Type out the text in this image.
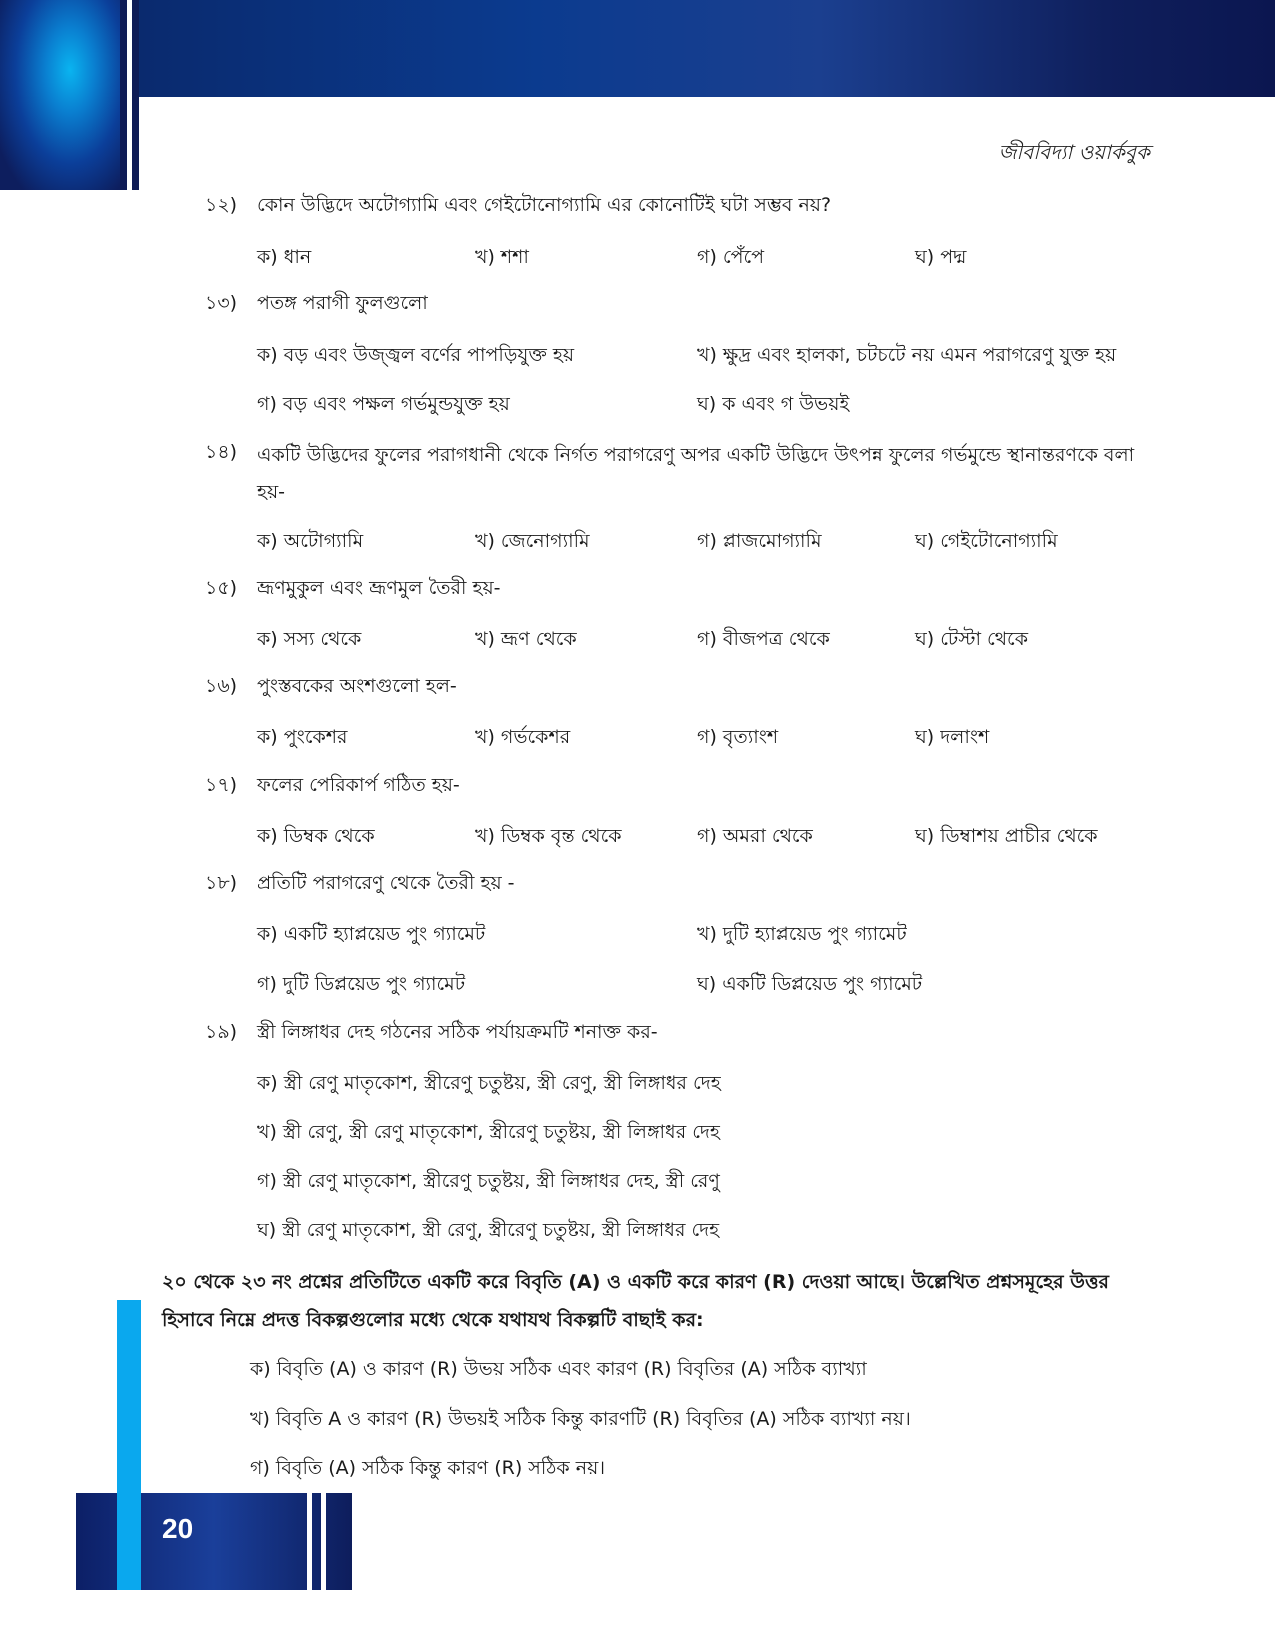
জীববিদ্যা ওয়ার্কবুক
১২) কোন উদ্ভিদে অটোগ্যামি এবং গেইটোনোগ্যামি এর কোনোটিই ঘটা সম্ভব নয়?
ক) ধান	খ) শশা	গ) পেঁপে	ঘ) পদ্ম
১৩) পতঙ্গ পরাগী ফুলগুলো
ক) বড় এবং উজ্জ্বল বর্ণের পাপড়িযুক্ত হয়	খ) ক্ষুদ্র এবং হালকা, চটচটে নয় এমন পরাগরেণু যুক্ত হয়
গ) বড় এবং পক্ষল গর্ভমুন্ডযুক্ত হয়	ঘ) ক এবং গ উভয়ই
১৪) একটি উদ্ভিদের ফুলের পরাগধানী থেকে নির্গত পরাগরেণু অপর একটি উদ্ভিদে উৎপন্ন ফুলের গর্ভমুন্ডে স্থানান্তরণকে বলা হয়-
ক) অটোগ্যামি	খ) জেনোগ্যামি	গ) প্লাজমোগ্যামি	ঘ) গেইটোনোগ্যামি
১৫) ভ্রূণমুকুল এবং ভ্রূণমুল তৈরী হয়-
ক) সস্য থেকে	খ) ভ্রূণ থেকে	গ) বীজপত্র থেকে	ঘ) টেস্টা থেকে
১৬) পুংস্তবকের অংশগুলো হল-
ক) পুংকেশর	খ) গর্ভকেশর	গ) বৃত্যাংশ	ঘ) দলাংশ
১৭) ফলের পেরিকার্প গঠিত হয়-
ক) ডিম্বক থেকে	খ) ডিম্বক বৃন্ত থেকে	গ) অমরা থেকে	ঘ) ডিম্বাশয় প্রাচীর থেকে
১৮) প্রতিটি পরাগরেণু থেকে তৈরী হয় -
ক) একটি হ্যাপ্লয়েড পুং গ্যামেট	খ) দুটি হ্যাপ্লয়েড পুং গ্যামেট
গ) দুটি ডিপ্লয়েড পুং গ্যামেট	ঘ) একটি ডিপ্লয়েড পুং গ্যামেট
১৯) স্ত্রী লিঙ্গাধর দেহ গঠনের সঠিক পর্যায়ক্রমটি শনাক্ত কর-
ক) স্ত্রী রেণু মাতৃকোশ, স্ত্রীরেণু চতুষ্টয়, স্ত্রী রেণু, স্ত্রী লিঙ্গাধর দেহ
খ) স্ত্রী রেণু, স্ত্রী রেণু মাতৃকোশ, স্ত্রীরেণু চতুষ্টয়, স্ত্রী লিঙ্গাধর দেহ
গ) স্ত্রী রেণু মাতৃকোশ, স্ত্রীরেণু চতুষ্টয়, স্ত্রী লিঙ্গাধর দেহ, স্ত্রী রেণু
ঘ) স্ত্রী রেণু মাতৃকোশ, স্ত্রী রেণু, স্ত্রীরেণু চতুষ্টয়, স্ত্রী লিঙ্গাধর দেহ
২০ থেকে ২৩ নং প্রশ্নের প্রতিটিতে একটি করে বিবৃতি (A) ও একটি করে কারণ (R) দেওয়া আছে। উল্লেখিত প্রশ্নসমূহের উত্তর
হিসাবে নিম্নে প্রদত্ত বিকল্পগুলোর মধ্যে থেকে যথাযথ বিকল্পটি বাছাই কর:
ক) বিবৃতি (A) ও কারণ (R) উভয় সঠিক এবং কারণ (R) বিবৃতির (A) সঠিক ব্যাখ্যা
খ) বিবৃতি A ও কারণ (R) উভয়ই সঠিক কিন্তু কারণটি (R) বিবৃতির (A) সঠিক ব্যাখ্যা নয়।
গ) বিবৃতি (A) সঠিক কিন্তু কারণ (R) সঠিক নয়।
20
